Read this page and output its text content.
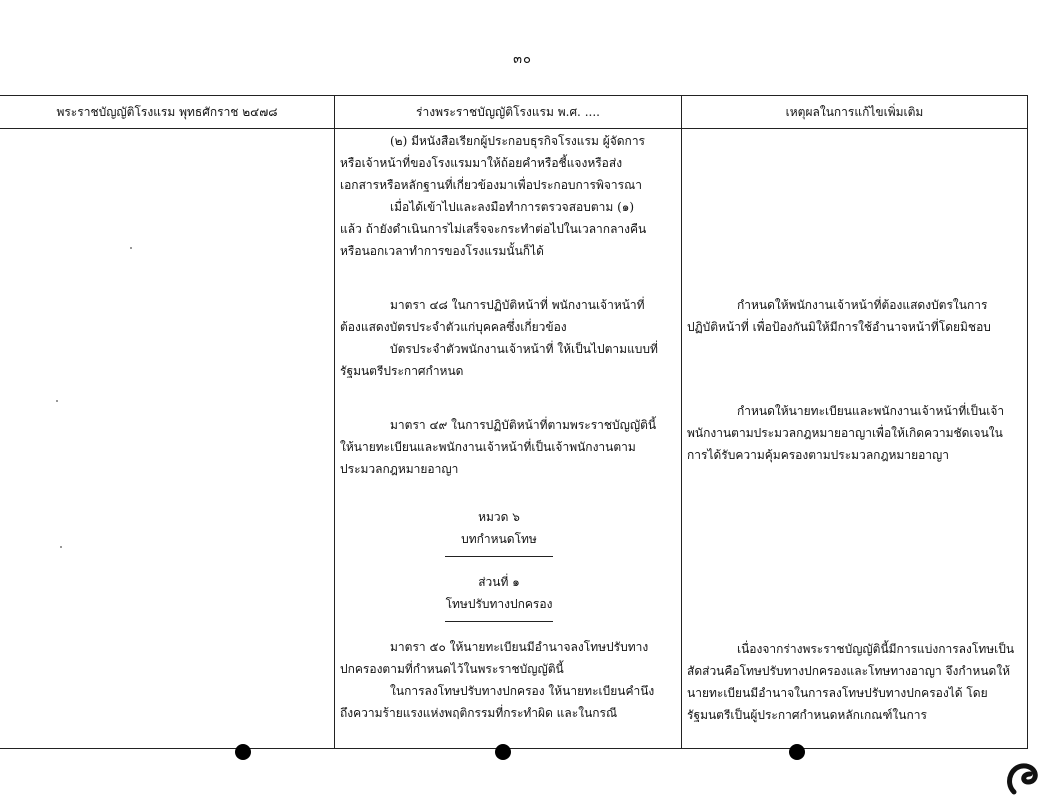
๓๐
พระราชบัญญัติโรงแรม พุทธศักราช ๒๔๗๘	ร่างพระราชบัญญัติโรงแรม พ.ศ. ....	เหตุผลในการแก้ไขเพิ่มเติม

(๒) มีหนังสือเรียกผู้ประกอบธุรกิจโรงแรม ผู้จัดการหรือเจ้าหน้าที่ของโรงแรมมาให้ถ้อยคำหรือชี้แจงหรือส่งเอกสารหรือหลักฐานที่เกี่ยวข้องมาเพื่อประกอบการพิจารณา

เมื่อได้เข้าไปและลงมือทำการตรวจสอบตาม (๑) แล้ว ถ้ายังดำเนินการไม่เสร็จจะกระทำต่อไปในเวลากลางคืนหรือนอกเวลาทำการของโรงแรมนั้นก็ได้

มาตรา ๔๘ ในการปฏิบัติหน้าที่ พนักงานเจ้าหน้าที่ต้องแสดงบัตรประจำตัวแก่บุคคลซึ่งเกี่ยวข้อง

บัตรประจำตัวพนักงานเจ้าหน้าที่ ให้เป็นไปตามแบบที่รัฐมนตรีประกาศกำหนด

มาตรา ๔๙ ในการปฏิบัติหน้าที่ตามพระราชบัญญัตินี้ ให้นายทะเบียนและพนักงานเจ้าหน้าที่เป็นเจ้าพนักงานตามประมวลกฎหมายอาญา

หมวด ๖

บทกำหนดโทษ

ส่วนที่ ๑

โทษปรับทางปกครอง

มาตรา ๕๐ ให้นายทะเบียนมีอำนาจลงโทษปรับทางปกครองตามที่กำหนดไว้ในพระราชบัญญัตินี้

ในการลงโทษปรับทางปกครอง ให้นายทะเบียนคำนึงถึงความร้ายแรงแห่งพฤติกรรมที่กระทำผิด และในกรณี

กำหนดให้พนักงานเจ้าหน้าที่ต้องแสดงบัตรในการปฏิบัติหน้าที่ เพื่อป้องกันมิให้มีการใช้อำนาจหน้าที่โดยมิชอบ

กำหนดให้นายทะเบียนและพนักงานเจ้าหน้าที่เป็นเจ้าพนักงานตามประมวลกฎหมายอาญาเพื่อให้เกิดความชัดเจนในการได้รับความคุ้มครองตามประมวลกฎหมายอาญา

เนื่องจากร่างพระราชบัญญัตินี้มีการแบ่งการลงโทษเป็นสัดส่วนคือโทษปรับทางปกครองและโทษทางอาญา จึงกำหนดให้นายทะเบียนมีอำนาจในการลงโทษปรับทางปกครองได้ โดยรัฐมนตรีเป็นผู้ประกาศกำหนดหลักเกณฑ์ในการ
